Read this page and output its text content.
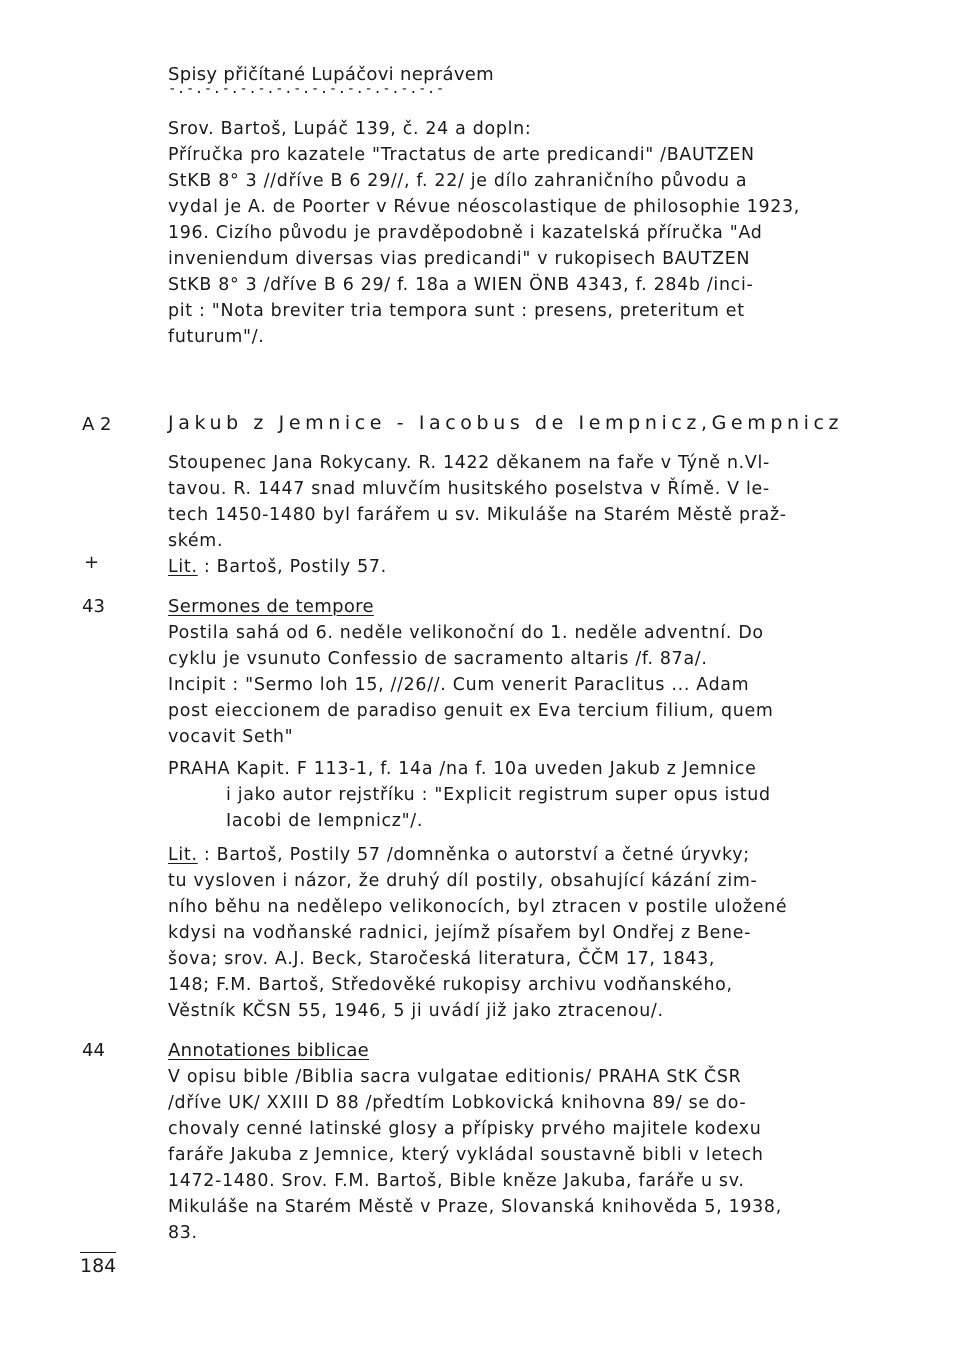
Spisy přičítané Lupáčovi neprávem
-.-.-.-.-.-.-.-.-.-.-.-.-.-.-.-
Srov. Bartoš, Lupáč 139, č. 24 a dopln:
Příručka pro kazatele "Tractatus de arte predicandi" /BAUTZEN
StKB 8° 3 //dříve B 6 29//, f. 22/ je dílo zahraničního původu a
vydal je A. de Poorter v Révue néoscolastique de philosophie 1923,
196. Cizího původu je pravděpodobně i kazatelská příručka "Ad
inveniendum diversas vias predicandi" v rukopisech BAUTZEN
StKB 8° 3 /dříve B 6 29/ f. 18a a WIEN ÖNB 4343, f. 284b /inci-
pit : "Nota breviter tria tempora sunt : presens, preteritum et
futurum"/.
A 2	Jakub z Jemnice - Iacobus de Iempnicz,Gempnicz
Stoupenec Jana Rokycany. R. 1422 děkanem na faře v Týně n.Vl-
tavou. R. 1447 snad mluvčím husitského poselstva v Římě. V le-
tech 1450-1480 byl farářem u sv. Mikuláše na Starém Městě praž-
ském.
Lit. : Bartoš, Postily 57.
+
43	Sermones de tempore
Postila sahá od 6. neděle velikonoční do 1. neděle adventní. Do
cyklu je vsunuto Confessio de sacramento altaris /f. 87a/.
Incipit : "Sermo loh 15, //26//. Cum venerit Paraclitus ... Adam
post eieccionem de paradiso genuit ex Eva tercium filium, quem
vocavit Seth"
PRAHA Kapit. F 113-1, f. 14a /na f. 10a uveden Jakub z Jemnice
i jako autor rejstříku : "Explicit registrum super opus istud
Iacobi de Iempnicz"/.
Lit. : Bartoš, Postily 57 /domněnka o autorství a četné úryvky;
tu vysloven i názor, že druhý díl postily, obsahující kázání zim-
ního běhu na nedělepo velikonocích, byl ztracen v postile uložené
kdysi na vodňanské radnici, jejímž písařem byl Ondřej z Bene-
šova; srov. A.J. Beck, Staročeská literatura, ČČM 17, 1843,
148; F.M. Bartoš, Středověké rukopisy archivu vodňanského,
Věstník KČSN 55, 1946, 5 ji uvádí již jako ztracenou/.
44	Annotationes biblicae
V opisu bible /Biblia sacra vulgatae editionis/ PRAHA StK ČSR
/dříve UK/ XXIII D 88 /předtím Lobkovická knihovna 89/ se do-
chovaly cenné latinské glosy a přípisky prvého majitele kodexu
faráře Jakuba z Jemnice, který vykládal soustavně bibli v letech
1472-1480. Srov. F.M. Bartoš, Bible kněze Jakuba, faráře u sv.
Mikuláše na Starém Městě v Praze, Slovanská knihověda 5, 1938,
83.
184
